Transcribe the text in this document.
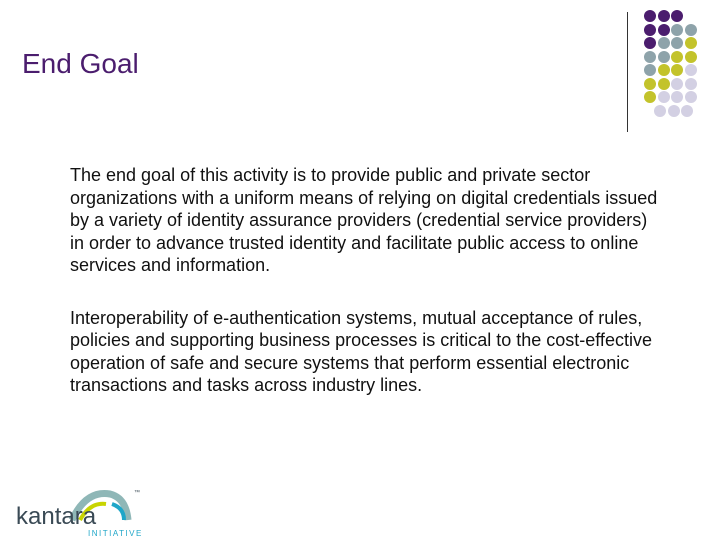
End Goal

The end goal of this activity is to provide public and private sector organizations with a uniform means of relying on digital credentials issued by a variety of identity assurance providers (credential service providers) in order to advance trusted identity and facilitate public access to online services and information.

Interoperability of e-authentication systems, mutual acceptance of rules, policies and supporting business processes is critical to the cost-effective operation of safe and secure systems that perform essential electronic transactions and tasks across industry lines.

kantara
INITIATIVE
™
